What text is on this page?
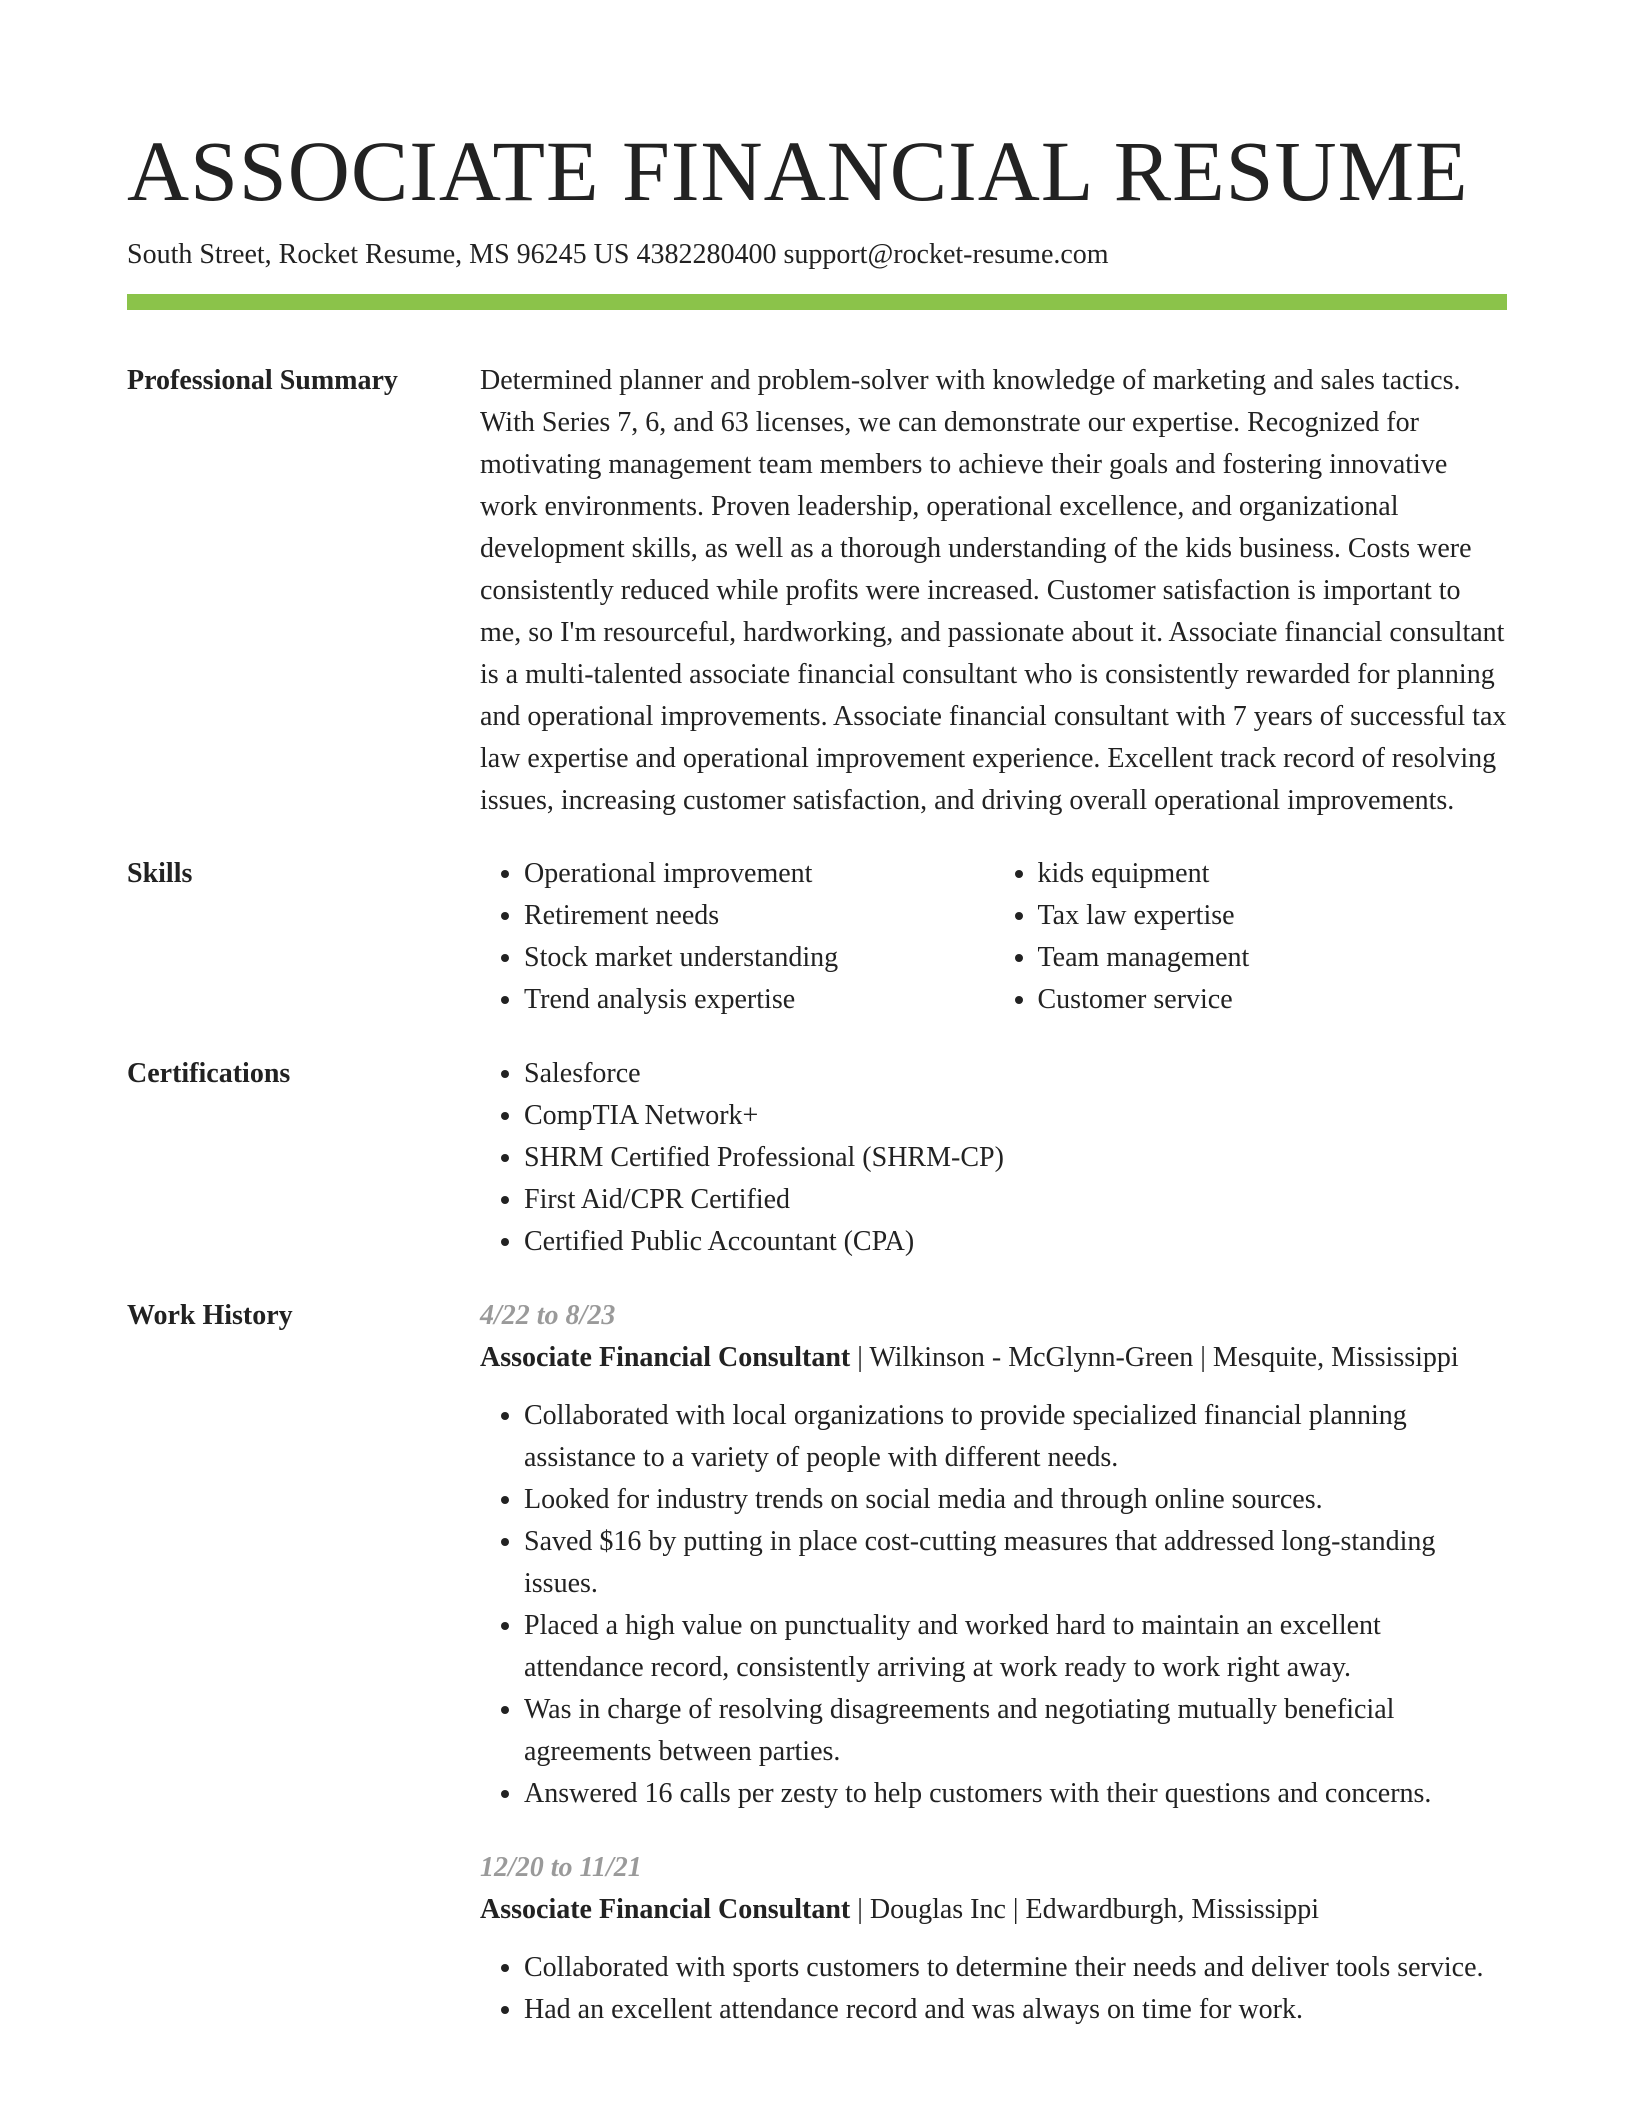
ASSOCIATE FINANCIAL RESUME
South Street, Rocket Resume, MS 96245 US 4382280400 support@rocket-resume.com
Professional Summary	Determined planner and problem-solver with knowledge of marketing and sales tactics. With Series 7, 6, and 63 licenses, we can demonstrate our expertise. Recognized for motivating management team members to achieve their goals and fostering innovative work environments. Proven leadership, operational excellence, and organizational development skills, as well as a thorough understanding of the kids business. Costs were consistently reduced while profits were increased. Customer satisfaction is important to me, so I'm resourceful, hardworking, and passionate about it. Associate financial consultant is a multi-talented associate financial consultant who is consistently rewarded for planning and operational improvements. Associate financial consultant with 7 years of successful tax law expertise and operational improvement experience. Excellent track record of resolving issues, increasing customer satisfaction, and driving overall operational improvements.

Skills	• Operational improvement
• Retirement needs
• Stock market understanding
• Trend analysis expertise
• kids equipment
• Tax law expertise
• Team management
• Customer service
Certifications	• Salesforce
• CompTIA Network+
• SHRM Certified Professional (SHRM-CP)
• First Aid/CPR Certified
• Certified Public Accountant (CPA)
Work History	4/22 to 8/23
Associate Financial Consultant | Wilkinson - McGlynn-Green | Mesquite, Mississippi
• Collaborated with local organizations to provide specialized financial planning assistance to a variety of people with different needs.
• Looked for industry trends on social media and through online sources.
• Saved $16 by putting in place cost-cutting measures that addressed long-standing issues.
• Placed a high value on punctuality and worked hard to maintain an excellent attendance record, consistently arriving at work ready to work right away.
• Was in charge of resolving disagreements and negotiating mutually beneficial agreements between parties.
• Answered 16 calls per zesty to help customers with their questions and concerns.
12/20 to 11/21
Associate Financial Consultant | Douglas Inc | Edwardburgh, Mississippi
• Collaborated with sports customers to determine their needs and deliver tools service.
• Had an excellent attendance record and was always on time for work.
